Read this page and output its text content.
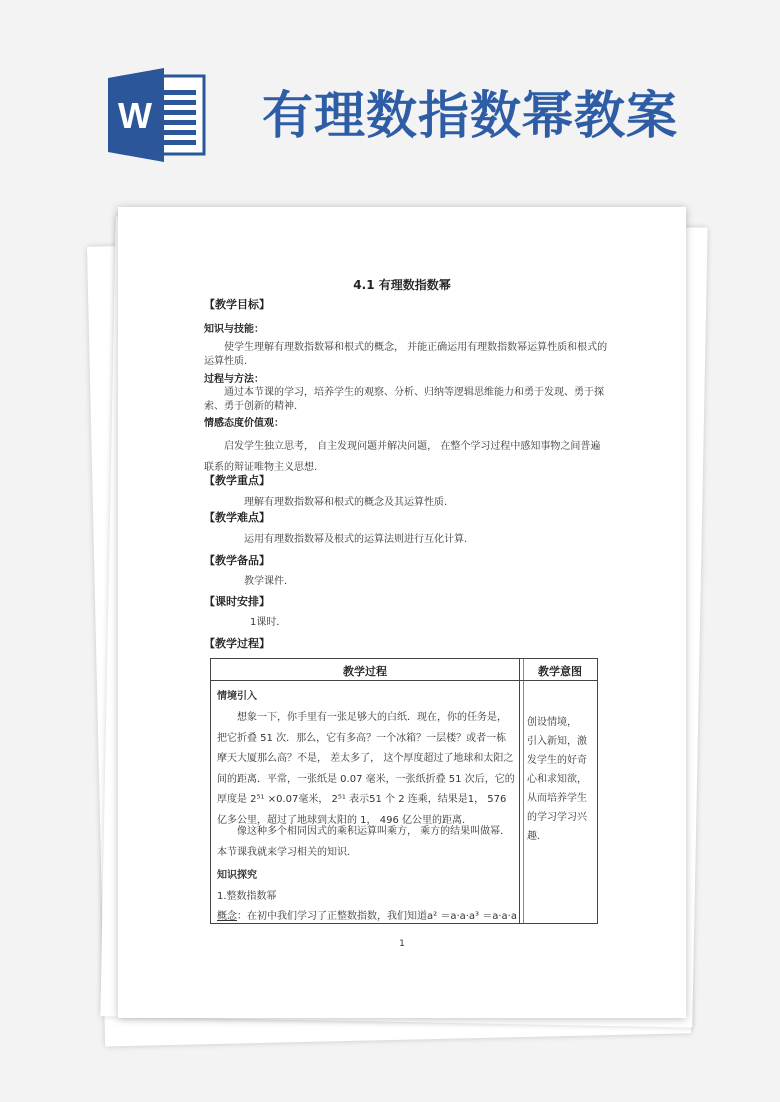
W 有理数指数幂教案
4.1 有理数指数幂
【教学目标】
知识与技能：
使学生理解有理数指数幂和根式的概念， 并能正确运用有理数指数幂运算性质和根式的运算性质.
过程与方法：
通过本节课的学习，培养学生的观察、分析、归纳等逻辑思维能力和勇于发现、勇于探索、勇于创新的精神.
情感态度价值观：
启发学生独立思考， 自主发现问题并解决问题， 在整个学习过程中感知事物之间普遍联系的辩证唯物主义思想.
【教学重点】
理解有理数指数幂和根式的概念及其运算性质.
【教学难点】
运用有理数指数幂及根式的运算法则进行互化计算.
【教学备品】
教学课件．
【课时安排】
1课时．
【教学过程】
教学过程	教学意图
情境引入
想象一下，你手里有一张足够大的白纸．现在，你的任务是，把它折叠 51 次．那么，它有多高？一个冰箱？一层楼？或者一栋摩天大厦那么高？不是， 差太多了， 这个厚度超过了地球和太阳之间的距离．平常，一张纸是 0.07 毫米，一张纸折叠 51 次后，它的厚度是 2⁵¹ ×0.07毫米， 2⁵¹ 表示51 个 2 连乘，结果是1， 576 亿多公里，超过了地球到太阳的 1， 496 亿公里的距离．
像这种多个相同因式的乘积运算叫乘方， 乘方的结果叫做幂． 本节课我就来学习相关的知识．
知识探究
1.整数指数幂
概念：在初中我们学习了正整数指数，我们知道a² ＝a·a·a³ ＝a·a·a
创设情境， 引入新知，激发学生的好奇心和求知欲，从而培养学生的学习学习兴趣．
1
